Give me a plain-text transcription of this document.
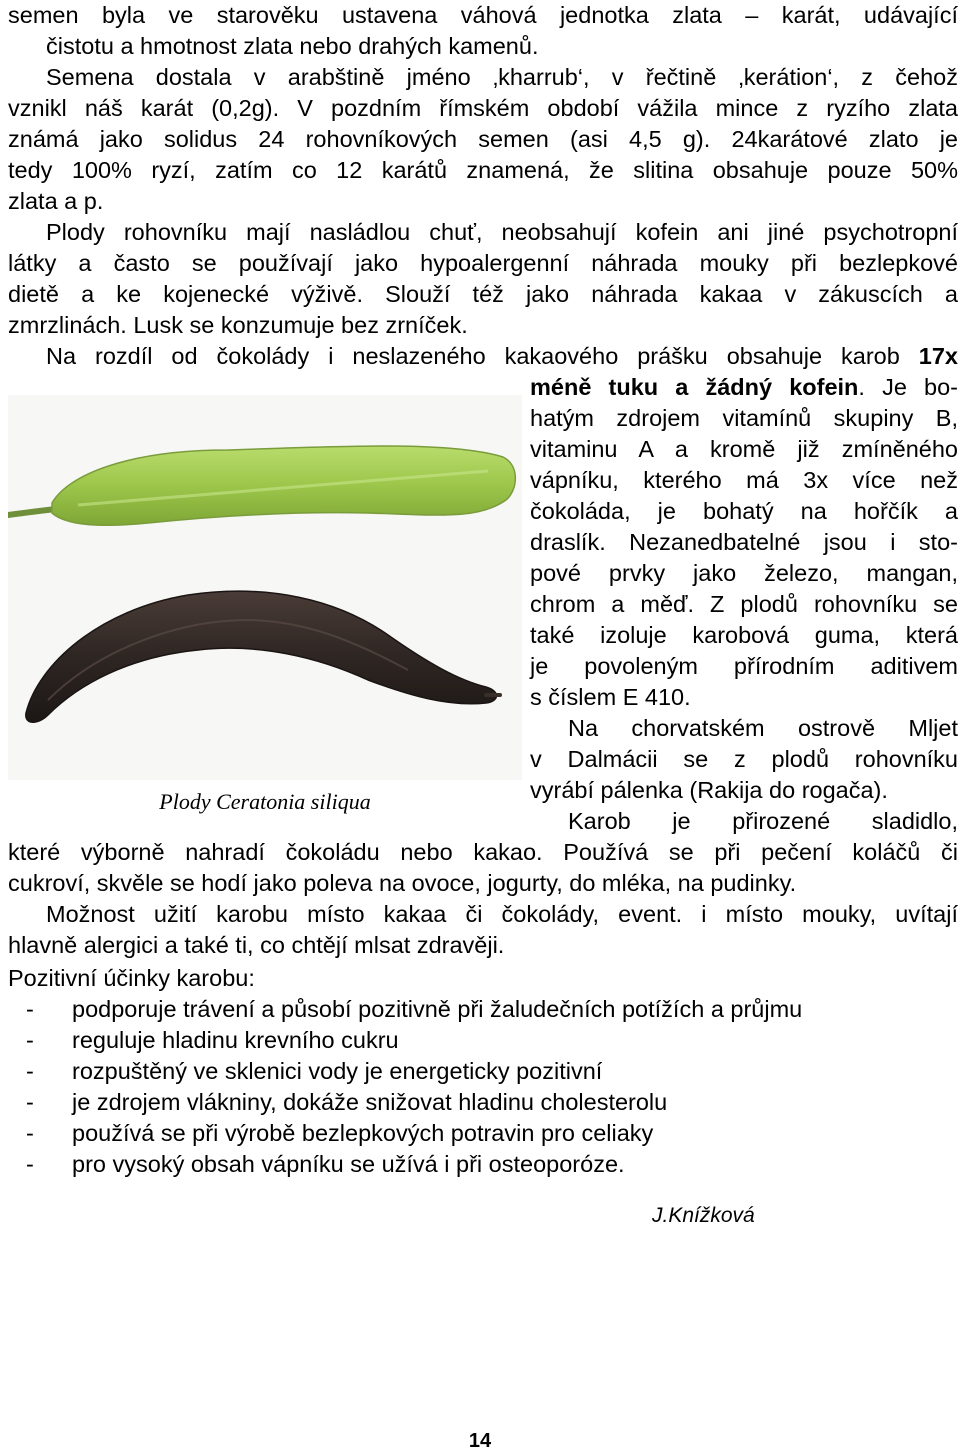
semen byla ve starověku ustavena váhová jednotka zlata – karát, udávající
čistotu a hmotnost zlata nebo drahých kamenů.
Semena dostala v arabštině jméno ‚kharrub‘, v řečtině ‚kerátion‘, z čehož
vznikl náš karát (0,2g). V pozdním římském období vážila mince z ryzího zlata
známá jako solidus 24 rohovníkových semen (asi 4,5 g). 24karátové zlato je
tedy 100% ryzí, zatím co 12 karátů znamená, že slitina obsahuje pouze 50%
zlata a p.
Plody rohovníku mají nasládlou chuť, neobsahují kofein ani jiné psychotropní
látky a často se používají jako hypoalergenní náhrada mouky při bezlepkové
dietě a ke kojenecké výživě. Slouží též jako náhrada kakaa v zákuscích a
zmrzlinách. Lusk se konzumuje bez zrníček.
Na rozdíl od čokolády i neslazeného kakaového prášku obsahuje karob 17x
Plody Ceratonia siliqua
méně tuku a žádný kofein. Je bo-
hatým zdrojem vitamínů skupiny B,
vitaminu A a kromě již zmíněného
vápníku, kterého má 3x více než
čokoláda, je bohatý na hořčík a
draslík. Nezanedbatelné jsou i sto-
pové prvky jako železo, mangan,
chrom a měď. Z plodů rohovníku se
také izoluje karobová guma, která
je povoleným přírodním aditivem
s číslem E 410.
Na chorvatském ostrově Mljet
v Dalmácii se z plodů rohovníku
vyrábí pálenka (Rakija do rogača).
Karob je přirozené sladidlo,
které výborně nahradí čokoládu nebo kakao. Používá se při pečení koláčů či
cukroví, skvěle se hodí jako poleva na ovoce, jogurty, do mléka, na pudinky.
Možnost užití karobu místo kakaa či čokolády, event. i místo mouky, uvítají
hlavně alergici a také ti, co chtějí mlsat zdravěji.
Pozitivní účinky karobu:
- podporuje trávení a působí pozitivně při žaludečních potížích a průjmu
- reguluje hladinu krevního cukru
- rozpuštěný ve sklenici vody je energeticky pozitivní
- je zdrojem vlákniny, dokáže snižovat hladinu cholesterolu
- používá se při výrobě bezlepkových potravin pro celiaky
- pro vysoký obsah vápníku se užívá i při osteoporóze.
J.Knížková
14
